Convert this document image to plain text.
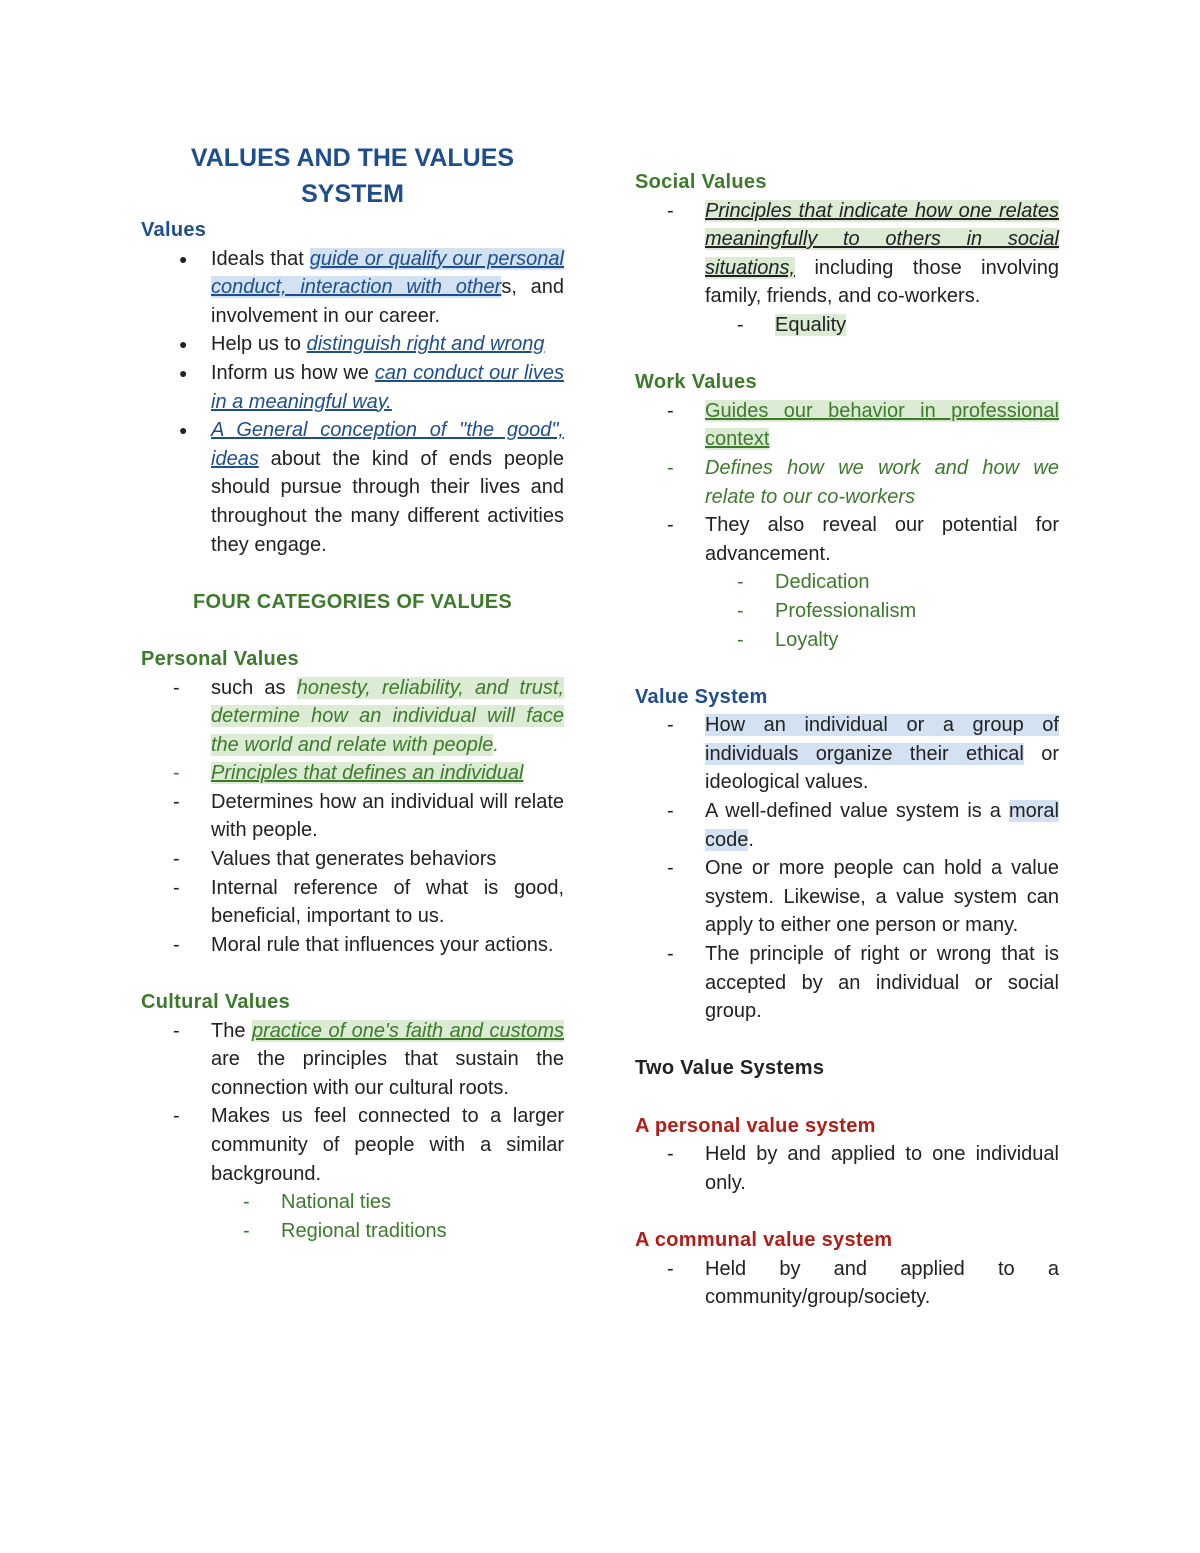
VALUES AND THE VALUES SYSTEM
Values
● Ideals that guide or qualify our personal conduct, interaction with others, and involvement in our career.
● Help us to distinguish right and wrong
● Inform us how we can conduct our lives in a meaningful way.
● A General conception of "the good", ideas about the kind of ends people should pursue through their lives and throughout the many different activities they engage.
FOUR CATEGORIES OF VALUES
Personal Values
- such as honesty, reliability, and trust, determine how an individual will face the world and relate with people.
- Principles that defines an individual
- Determines how an individual will relate with people.
- Values that generates behaviors
- Internal reference of what is good, beneficial, important to us.
- Moral rule that influences your actions.
Cultural Values
- The practice of one's faith and customs are the principles that sustain the connection with our cultural roots.
- Makes us feel connected to a larger community of people with a similar background.
- National ties
- Regional traditions
Social Values
- Principles that indicate how one relates meaningfully to others in social situations, including those involving family, friends, and co-workers.
- Equality
Work Values
- Guides our behavior in professional context
- Defines how we work and how we relate to our co-workers
- They also reveal our potential for advancement.
- Dedication
- Professionalism
- Loyalty
Value System
- How an individual or a group of individuals organize their ethical or ideological values.
- A well-defined value system is a moral code.
- One or more people can hold a value system. Likewise, a value system can apply to either one person or many.
- The principle of right or wrong that is accepted by an individual or social group.
Two Value Systems
A personal value system
- Held by and applied to one individual only.
A communal value system
- Held by and applied to a community/group/society.
